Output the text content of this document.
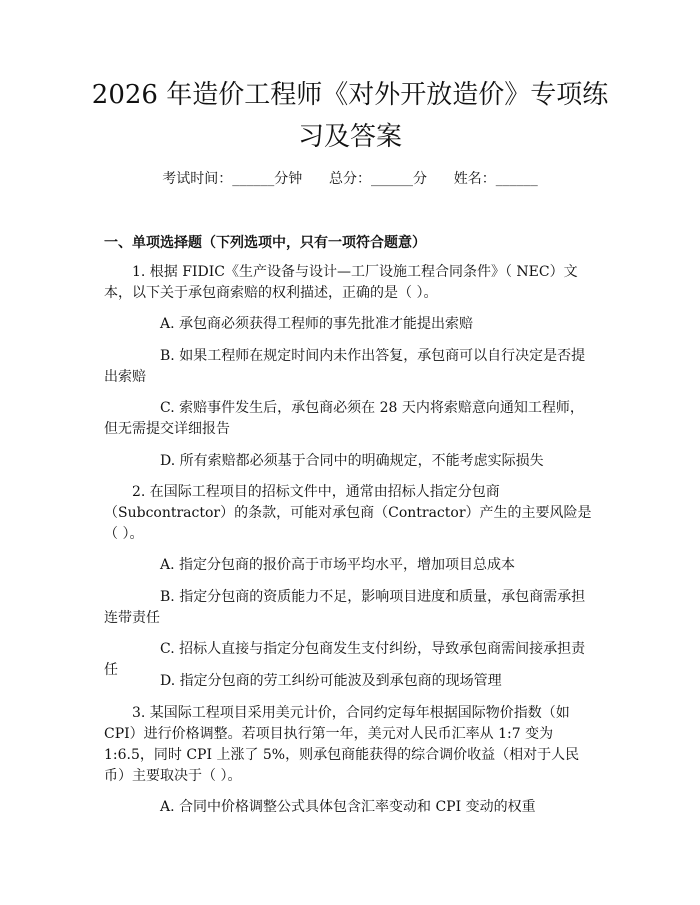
2026 年造价工程师《对外开放造价》专项练
习及答案
考试时间：______分钟      总分：______分      姓名：______
一、单项选择题（下列选项中，只有一项符合题意）
1. 根据 FIDIC《生产设备与设计—工厂设施工程合同条件》（ NEC）文本，以下关于承包商索赔的权利描述，正确的是（ ）。
A. 承包商必须获得工程师的事先批准才能提出索赔
B. 如果工程师在规定时间内未作出答复，承包商可以自行决定是否提出索赔
C. 索赔事件发生后，承包商必须在 28 天内将索赔意向通知工程师，但无需提交详细报告
D. 所有索赔都必须基于合同中的明确规定，不能考虑实际损失
2. 在国际工程项目的招标文件中，通常由招标人指定分包商（Subcontractor）的条款，可能对承包商（Contractor）产生的主要风险是（ ）。
A. 指定分包商的报价高于市场平均水平，增加项目总成本
B. 指定分包商的资质能力不足，影响项目进度和质量，承包商需承担连带责任
C. 招标人直接与指定分包商发生支付纠纷，导致承包商需间接承担责任
D. 指定分包商的劳工纠纷可能波及到承包商的现场管理
3. 某国际工程项目采用美元计价，合同约定每年根据国际物价指数（如 CPI）进行价格调整。若项目执行第一年，美元对人民币汇率从 1:7 变为 1:6.5，同时 CPI 上涨了 5%，则承包商能获得的综合调价收益（相对于人民币）主要取决于（ ）。
A. 合同中价格调整公式具体包含汇率变动和 CPI 变动的权重
